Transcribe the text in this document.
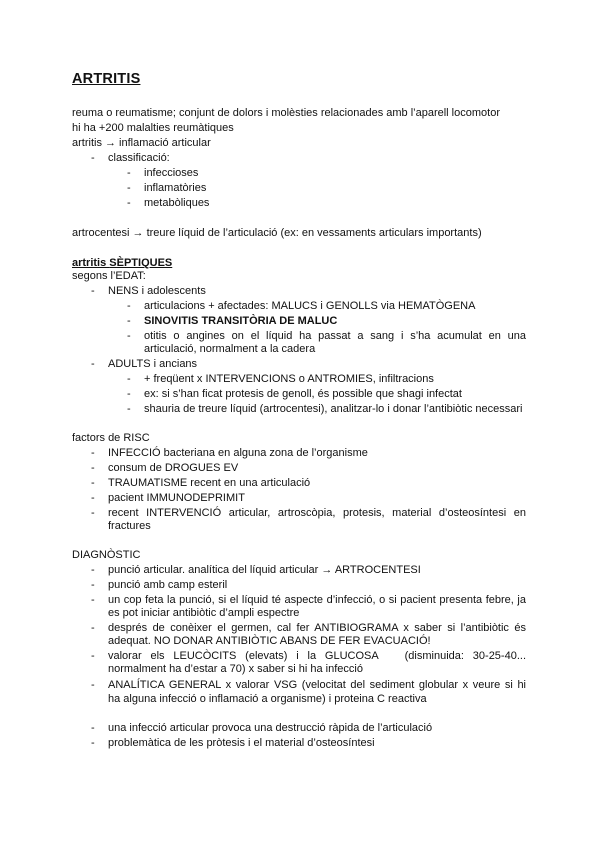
ARTRITIS
reuma o reumatisme; conjunt de dolors i molèsties relacionades amb l’aparell locomotor
hi ha +200 malalties reumàtiques
artritis → inflamació articular
- classificació:
- infeccioses
- inflamatòries
- metabòliques
artrocentesi → treure líquid de l’articulació (ex: en vessaments articulars importants)
artritis SÈPTIQUES
segons l’EDAT:
- NENS i adolescents
- articulacions + afectades: MALUCS i GENOLLS via HEMATÒGENA
- SINOVITIS TRANSITÒRIA DE MALUC
- otitis o angines on el líquid ha passat a sang i s’ha acumulat en una
articulació, normalment a la cadera
- ADULTS i ancians
- + freqüent x INTERVENCIONS o ANTROMIES, infiltracions
- ex: si s’han ficat protesis de genoll, és possible que shagi infectat
- shauria de treure líquid (artrocentesi), analitzar-lo i donar l’antibiòtic necessari
factors de RISC
- INFECCIÓ bacteriana en alguna zona de l’organisme
- consum de DROGUES EV
- TRAUMATISME recent en una articulació
- pacient IMMUNODEPRIMIT
- recent INTERVENCIÓ articular, artroscòpia, protesis, material d’osteosíntesi en
fractures
DIAGNÒSTIC
- punció articular. analítica del líquid articular → ARTROCENTESI
- punció amb camp esteril
- un cop feta la punció, si el líquid té aspecte d’infecció, o si pacient presenta febre, ja
es pot iniciar antibiòtic d’ampli espectre
- després de conèixer el germen, cal fer ANTIBIOGRAMA x saber si l’antibiòtic és
adequat. NO DONAR ANTIBIÒTIC ABANS DE FER EVACUACIÓ!
- valorar els LEUCÒCITS (elevats) i la GLUCOSA   (disminuida: 30-25-40...
normalment ha d’estar a 70) x saber si hi ha infecció
- ANALÍTICA GENERAL x valorar VSG (velocitat del sediment globular x veure si hi
ha alguna infecció o inflamació a organisme) i proteina C reactiva
- una infecció articular provoca una destrucció ràpida de l’articulació
- problemàtica de les pròtesis i el material d’osteosíntesi
